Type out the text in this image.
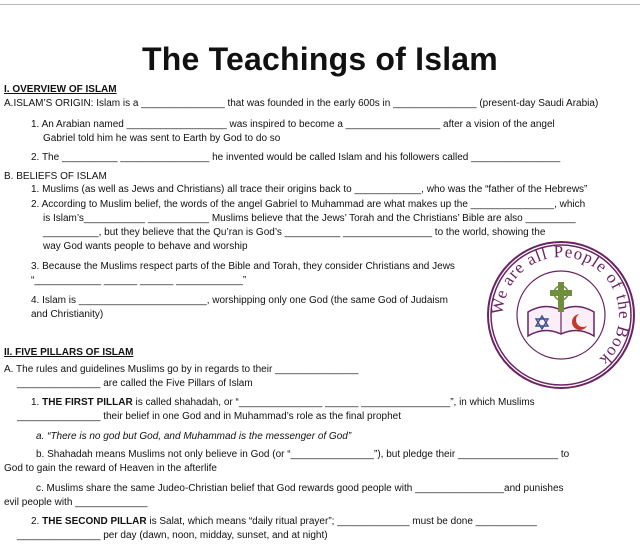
The Teachings of Islam
I. OVERVIEW OF ISLAM
A.ISLAM’S ORIGIN: Islam is a _______________ that was founded in the early 600s in _______________ (present-day Saudi Arabia)
1. An Arabian named __________________ was inspired to become a _________________ after a vision of the angel
Gabriel told him he was sent to Earth by God to do so
2. The __________ ________________ he invented would be called Islam and his followers called ________________
B. BELIEFS OF ISLAM
1. Muslims (as well as Jews and Christians) all trace their origins back to ____________, who was the “father of the Hebrews”
2. According to Muslim belief, the words of the angel Gabriel to Muhammad are what makes up the _______________, which
is Islam’s___________ ___________ Muslims believe that the Jews’ Torah and the Christians’ Bible are also _________
__________, but they believe that the Qu’ran is God’s __________ ________________ to the world, showing the
way God wants people to behave and worship
3. Because the Muslims respect parts of the Bible and Torah, they consider Christians and Jews
“____________ ______ ______ ____________”
4. Islam is _______________________, worshipping only one God (the same God of Judaism
and Christianity)
II. FIVE PILLARS OF ISLAM
A. The rules and guidelines Muslims go by in regards to their _______________
_______________ are called the Five Pillars of Islam
1. THE FIRST PILLAR is called shahadah, or “_______________ ______ ________________”, in which Muslims
_______________ their belief in one God and in Muhammad’s role as the final prophet
a. “There is no god but God, and Muhammad is the messenger of God”
b. Shahadah means Muslims not only believe in God (or “_______________”), but pledge their __________________ to
God to gain the reward of Heaven in the afterlife
c. Muslims share the same Judeo-Christian belief that God rewards good people with ________________and punishes
evil people with _____________
2. THE SECOND PILLAR is Salat, which means “daily ritual prayer”; _____________ must be done ___________
_______________ per day (dawn, noon, midday, sunset, and at night)
We are all People of the Book
